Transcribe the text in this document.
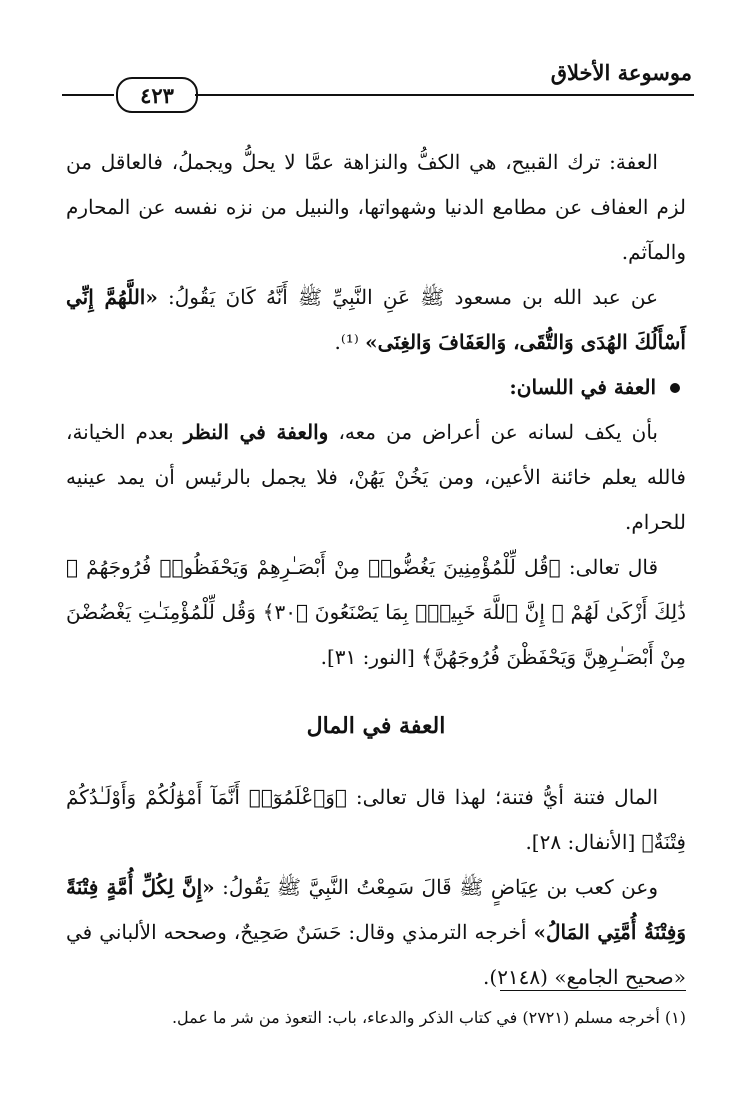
٤٢٣
موسوعة الأخلاق

العفة: ترك القبيح، هي الكفُّ والنزاهة عمَّا لا يحلُّ ويجملُ، فالعاقل من لزم العفاف عن مطامع الدنيا وشهواتها، والنبيل من نزه نفسه عن المحارم والمآثم.

عن عبد الله بن مسعود ﷺ عَنِ النَّبِيِّ ﷺ أَنَّهُ كَانَ يَقُولُ: «اللَّهُمَّ إِنِّي أَسْأَلُكَ الهُدَى وَالتُّقَى، وَالعَفَافَ وَالغِنَى» ⁽¹⁾.

العفة في اللسان:

بأن يكف لسانه عن أعراض من معه، والعفة في النظر بعدم الخيانة، فالله يعلم خائنة الأعين، ومن يَخُنْ يَهُنْ، فلا يجمل بالرئيس أن يمد عينيه للحرام.

قال تعالى: ﴿قُل لِّلْمُؤْمِنِينَ يَغُضُّوا۟ مِنْ أَبْصَـٰرِهِمْ وَيَحْفَظُوا۟ فُرُوجَهُمْ ۚ ذَٰلِكَ أَزْكَىٰ لَهُمْ ۗ إِنَّ ٱللَّهَ خَبِيرٌۢ بِمَا يَصْنَعُونَ ﴿٣٠﴾ وَقُل لِّلْمُؤْمِنَـٰتِ يَغْضُضْنَ مِنْ أَبْصَـٰرِهِنَّ وَيَحْفَظْنَ فُرُوجَهُنَّ﴾ [النور: ٣١].

العفة في المال

المال فتنة أيُّ فتنة؛ لهذا قال تعالى: ﴿وَٱعْلَمُوٓا۟ أَنَّمَآ أَمْوَٰلُكُمْ وَأَوْلَـٰدُكُمْ فِتْنَةٌ﴾ [الأنفال: ٢٨].

وعن كعب بن عِيَاضٍ ﷺ قَالَ سَمِعْتُ النَّبِيَّ ﷺ يَقُولُ: «إِنَّ لِكُلِّ أُمَّةٍ فِتْنَةً وَفِتْنَةُ أُمَّتِي المَالُ» أخرجه الترمذي وقال: حَسَنٌ صَحِيحٌ، وصححه الألباني في «صحيح الجامع» (٢١٤٨).

(١) أخرجه مسلم (٢٧٢١) في كتاب الذكر والدعاء، باب: التعوذ من شر ما عمل.
